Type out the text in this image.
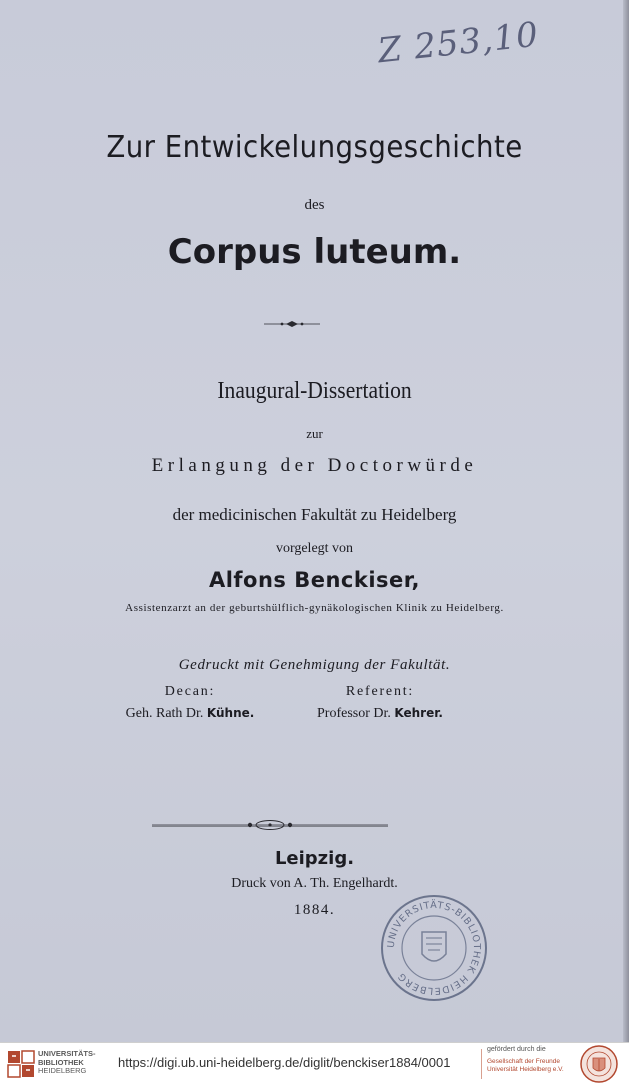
Z 253,10
Zur Entwickelungsgeschichte
des
Corpus luteum.
Inaugural-Dissertation
zur
Erlangung der Doctorwürde
der medicinischen Fakultät zu Heidelberg
vorgelegt von
Alfons Benckiser,
Assistenzarzt an der geburtshülflich-gynäkologischen Klinik zu Heidelberg.
Gedruckt mit Genehmigung der Fakultät.
Decan:
Geh. Rath Dr. Kühne.
Referent:
Professor Dr. Kehrer.
Leipzig.
Druck von A. Th. Engelhardt.
1884.
UNIVERSITÄTS-BIBLIOTHEK HEIDELBERG
UNIVERSITÄTS-
BIBLIOTHEK
HEIDELBERG
https://digi.ub.uni-heidelberg.de/diglit/benckiser1884/0001
gefördert durch die
Gesellschaft der Freunde
Universität Heidelberg e.V.
